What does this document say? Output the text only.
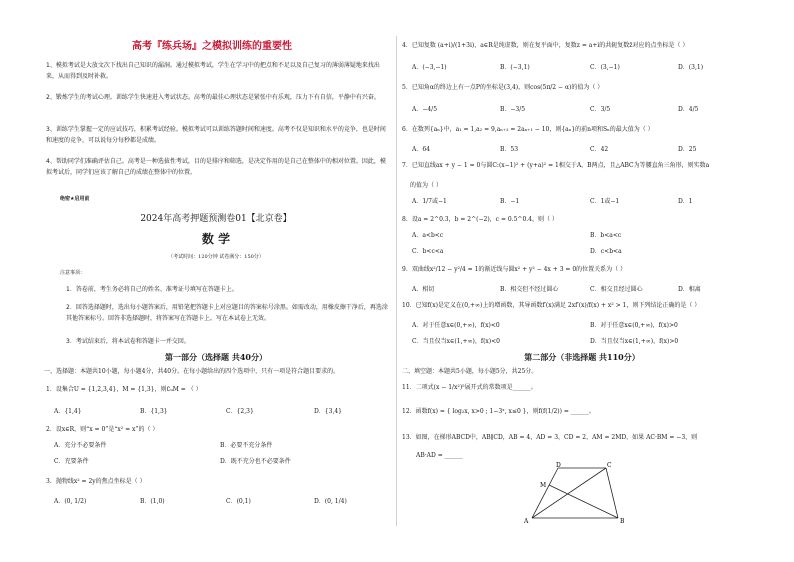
高考『练兵场』之模拟训练的重要性
1、模拟考试是大放文次下找出自己知识的漏洞。通过模拟考试，学生在学习中的把点和不足以及自己复习的薄弱薄疑地来找出来，从而得到及时补救。
2、锻炼学生的考试心理。训练学生快速进入考试状态。高考的最佳心理状态是紧张中有乐观，压力下有自信，平静中有兴奋。
3、训练学生掌握一定的应试技巧，积累考试经验。模拟考试可以训练答题时间和速度。高考不仅是知识和水平的竞争，也是时间和速度的竞争，可以说每分每秒都是成绩。
4、帮助同学们准确评估自己。高考是一种选拔性考试，目的是排序和筛选，是决定作用的是自己在整体中的相对位置。因此，模拟考试后，同学们应该了解自己的成绩在整体中的位置。
绝密★启用前
2024年高考押题预测卷01【北京卷】
数 学
（考试时间：120分钟 试卷满分：150分）
注意事项：
1．答卷前，考生务必将自己的姓名、准考证号填写在答题卡上。
2．回答选择题时，选出每小题答案后，用铅笔把答题卡上对应题目的答案标号涂黑。如需改动，用橡皮擦干净后，再选涂其他答案标号。回答非选择题时，将答案写在答题卡上。写在本试卷上无效。
3．考试结束后，将本试卷和答题卡一并交回。
第一部分（选择题 共40分）
一、选择题：本题共10小题，每小题4分，共40分。在每小题给出的四个选项中，只有一项是符合题目要求的。
1．设集合U = {1,2,3,4}，M = {1,3}，则∁ᵤM = （ ）
A．{1,4}	B．{1,3}	C．{2,3}	D．{3,4}
2．设x∈R，则“x = 0”是“x² = x”的（ ）
A．充分不必要条件	B．必要不充分条件
C．充要条件	D．既不充分也不必要条件
3．抛物线x² = 2y的焦点坐标是（ ）
A．(0, 1/2)	B．(1,0)	C．(0,1)	D．(0, 1/4)
4．已知复数 (a+i)/(1+3i)，a∈R是纯虚数，则在复平面中，复数z = a+i的共轭复数z̄对应的点坐标是（ ）
A．(−3,−1)	B．(−3,1)	C．(3,−1)	D．(3,1)
5．已知角α的终边上有一点P的坐标是(3,4)，则cos(5π/2 − α)的值为（ ）
A．−4/5	B．−3/5	C．3/5	D．4/5
6．在数列{aₙ}中，a₁ = 1,a₂ = 9,aₙ₊₂ = 2aₙ₊₁ − 10，则{aₙ}的前n项和Sₙ的最大值为（ ）
A．64	B．53	C．42	D．25
7．已知直线ax + y − 1 = 0与圆C:(x−1)² + (y+a)² = 1相交于A，B两点，且△ABC为等腰直角三角形，则实数a
的值为（ ）
A．1/7或−1	B．−1	C．1或−1	D．1
8．设a = 2^0.3，b = 2^(−2)，c = 0.5^0.4，则（ ）
A．a<b<c	B．b<a<c
C．b<c<a	D．c<b<a
9．双曲线x²/12 − y²/4 = 1的渐近线与圆x² + y² − 4x + 3 = 0的位置关系为（ ）
A．相切	B．相交但不经过圆心	C．相交且经过圆心	D．相离
10．已知f(x)是定义在(0,+∞)上的增函数，其导函数f′(x)满足 2xf′(x)/f(x) + x² > 1，则下列结论正确的是（ ）
A．对于任意x∈(0,+∞)，f(x)<0	B．对于任意x∈(0,+∞)，f(x)>0
C．当且仅当x∈(1,+∞)，f(x)<0	D．当且仅当x∈(1,+∞)，f(x)>0
第二部分（非选择题 共110分）
二、填空题：本题共5小题，每小题5分，共25分。
11．二项式(x − 1/x²)⁵展开式的常数项是______。
12．函数f(x) = { log₂x, x>0 ; 1−3ˣ, x≤0 }，则f(f(1/2)) = ______。
13．如图，在梯形ABCD中，AB∥CD，AB = 4，AD = 3，CD = 2，AM = 2MD，如果 AC·BM = −3，则
AB·AD = ______
D	C
M
A	B
